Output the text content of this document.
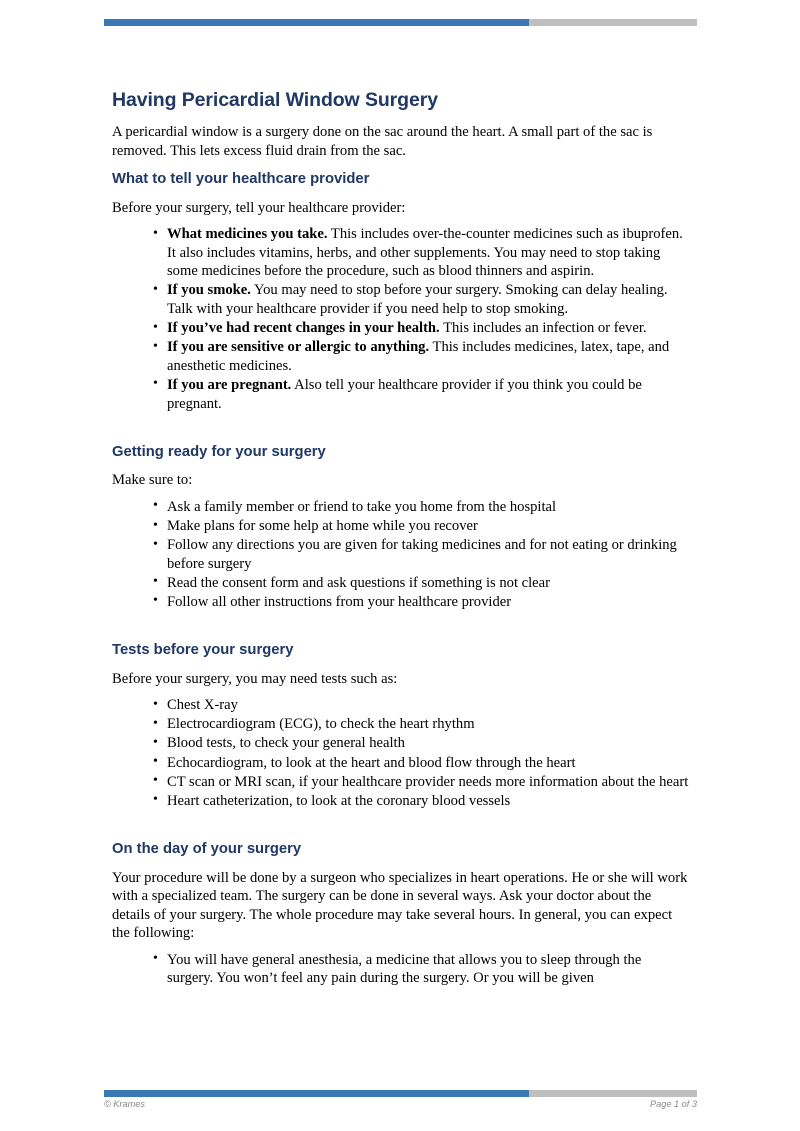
Having Pericardial Window Surgery

A pericardial window is a surgery done on the sac around the heart. A small part of the sac is removed. This lets excess fluid drain from the sac.

What to tell your healthcare provider

Before your surgery, tell your healthcare provider:

• What medicines you take. This includes over-the-counter medicines such as ibuprofen. It also includes vitamins, herbs, and other supplements. You may need to stop taking some medicines before the procedure, such as blood thinners and aspirin.
• If you smoke. You may need to stop before your surgery. Smoking can delay healing. Talk with your healthcare provider if you need help to stop smoking.
• If you’ve had recent changes in your health. This includes an infection or fever.
• If you are sensitive or allergic to anything. This includes medicines, latex, tape, and anesthetic medicines.
• If you are pregnant. Also tell your healthcare provider if you think you could be pregnant.
Getting ready for your surgery

Make sure to:

• Ask a family member or friend to take you home from the hospital
• Make plans for some help at home while you recover
• Follow any directions you are given for taking medicines and for not eating or drinking before surgery
• Read the consent form and ask questions if something is not clear
• Follow all other instructions from your healthcare provider
Tests before your surgery

Before your surgery, you may need tests such as:

• Chest X-ray
• Electrocardiogram (ECG), to check the heart rhythm
• Blood tests, to check your general health
• Echocardiogram, to look at the heart and blood flow through the heart
• CT scan or MRI scan, if your healthcare provider needs more information about the heart
• Heart catheterization, to look at the coronary blood vessels
On the day of your surgery

Your procedure will be done by a surgeon who specializes in heart operations. He or she will work with a specialized team. The surgery can be done in several ways. Ask your doctor about the details of your surgery. The whole procedure may take several hours. In general, you can expect the following:

• You will have general anesthesia, a medicine that allows you to sleep through the surgery. You won’t feel any pain during the surgery. Or you will be given
© Krames	Page 1 of 3
